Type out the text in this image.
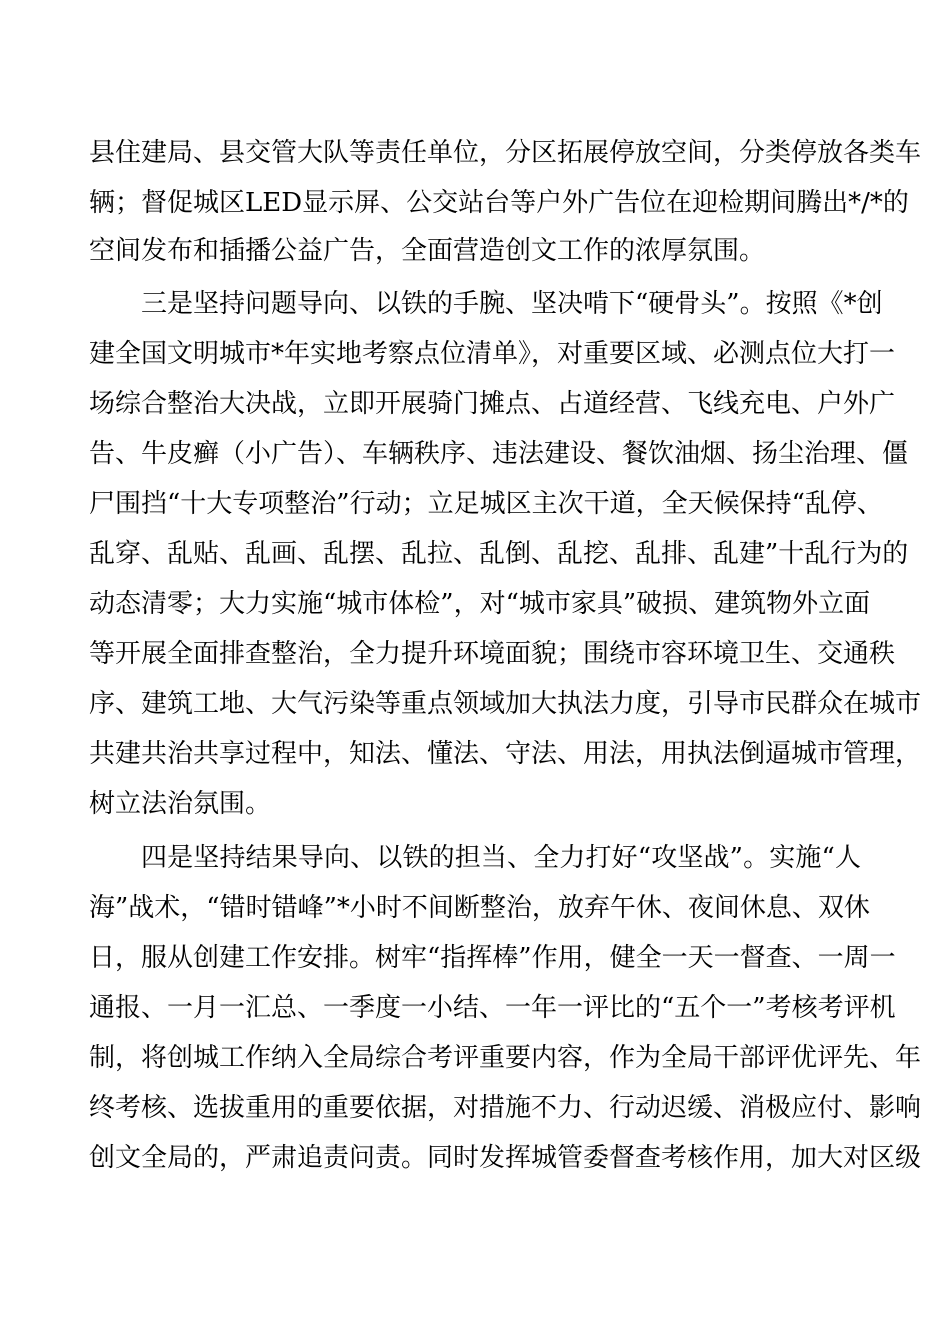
县住建局、县交管大队等责任单位，分区拓展停放空间，分类停放各类车
辆；督促城区LED显示屏、公交站台等户外广告位在迎检期间腾出*/*的
空间发布和插播公益广告，全面营造创文工作的浓厚氛围。
三是坚持问题导向、以铁的手腕、坚决啃下“硬骨头”。按照《*创
建全国文明城市*年实地考察点位清单》，对重要区域、必测点位大打一
场综合整治大决战，立即开展骑门摊点、占道经营、飞线充电、户外广
告、牛皮癣（小广告）、车辆秩序、违法建设、餐饮油烟、扬尘治理、僵
尸围挡“十大专项整治”行动；立足城区主次干道，全天候保持“乱停、
乱穿、乱贴、乱画、乱摆、乱拉、乱倒、乱挖、乱排、乱建”十乱行为的
动态清零；大力实施“城市体检”，对“城市家具”破损、建筑物外立面
等开展全面排查整治，全力提升环境面貌；围绕市容环境卫生、交通秩
序、建筑工地、大气污染等重点领域加大执法力度，引导市民群众在城市
共建共治共享过程中，知法、懂法、守法、用法，用执法倒逼城市管理，
树立法治氛围。
四是坚持结果导向、以铁的担当、全力打好“攻坚战”。实施“人
海”战术，“错时错峰”*小时不间断整治，放弃午休、夜间休息、双休
日，服从创建工作安排。树牢“指挥棒”作用，健全一天一督查、一周一
通报、一月一汇总、一季度一小结、一年一评比的“五个一”考核考评机
制，将创城工作纳入全局综合考评重要内容，作为全局干部评优评先、年
终考核、选拔重用的重要依据，对措施不力、行动迟缓、消极应付、影响
创文全局的，严肃追责问责。同时发挥城管委督查考核作用，加大对区级
